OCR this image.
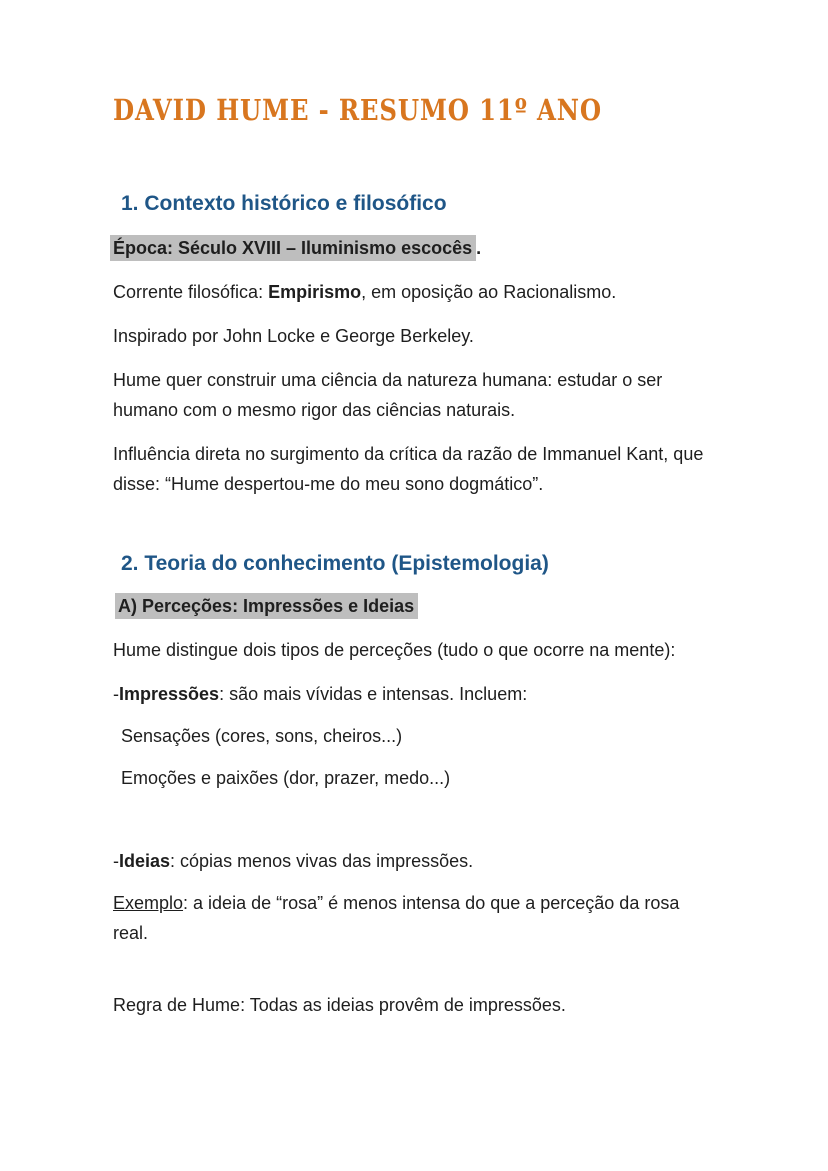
DAVID HUME - RESUMO 11º ANO
1. Contexto histórico e filosófico

Época: Século XVIII – Iluminismo escocês .

Corrente filosófica: Empirismo, em oposição ao Racionalismo.

Inspirado por John Locke e George Berkeley.

Hume quer construir uma ciência da natureza humana: estudar o ser
humano com o mesmo rigor das ciências naturais.

Influência direta no surgimento da crítica da razão de Immanuel Kant, que
disse: “Hume despertou-me do meu sono dogmático”.

2. Teoria do conhecimento (Epistemologia)

A) Perceções: Impressões e Ideias

Hume distingue dois tipos de perceções (tudo o que ocorre na mente):

-Impressões: são mais vívidas e intensas. Incluem:

Sensações (cores, sons, cheiros...)

Emoções e paixões (dor, prazer, medo...)

-Ideias: cópias menos vivas das impressões.

Exemplo: a ideia de “rosa” é menos intensa do que a perceção da rosa
real.

Regra de Hume: Todas as ideias provêm de impressões.
